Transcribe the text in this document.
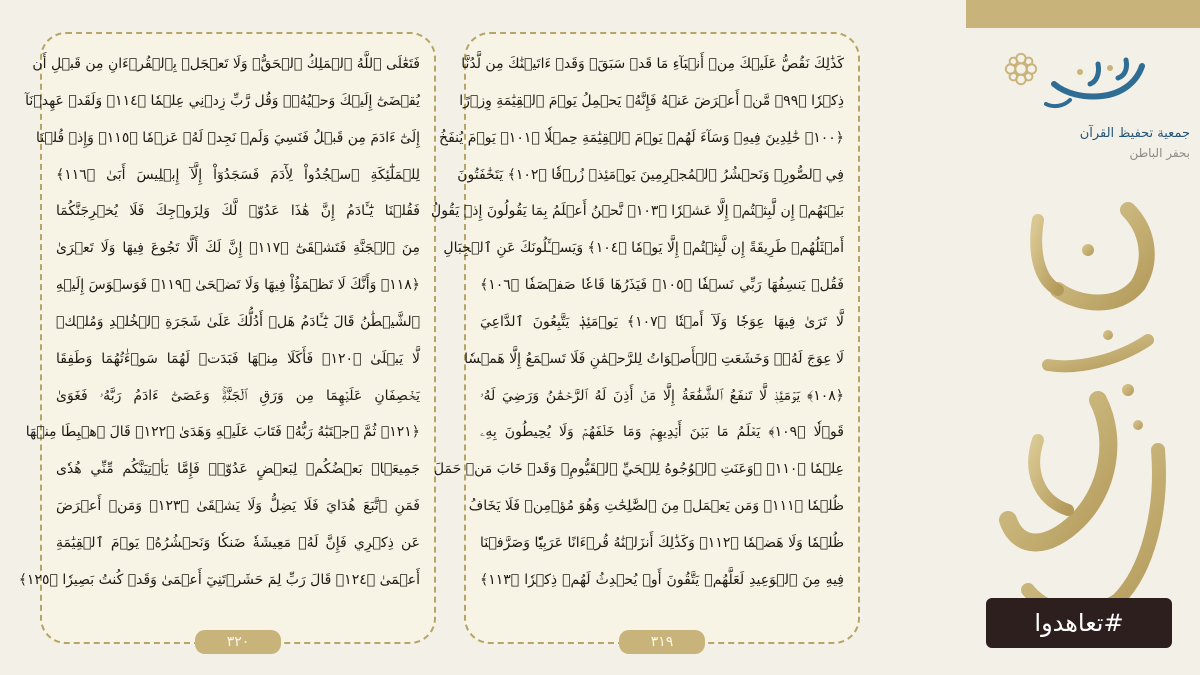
فَتَعَٰلَى ٱللَّهُ ٱلۡمَلِكُ ٱلۡحَقُّۗ وَلَا تَعۡجَلۡ بِٱلۡقُرۡءَانِ مِن قَبۡلِ أَن
يُقۡضَىٰٓ إِلَيۡكَ وَحۡيُهُۥۖ وَقُل رَّبِّ زِدۡنِي عِلۡمٗا ﴿١١٤﴾ وَلَقَدۡ عَهِدۡنَآ
إِلَىٰٓ ءَادَمَ مِن قَبۡلُ فَنَسِيَ وَلَمۡ نَجِدۡ لَهُۥ عَزۡمٗا ﴿١١٥﴾ وَإِذۡ قُلۡنَا
لِلۡمَلَٰٓئِكَةِ ٱسۡجُدُواْ لِأٓدَمَ فَسَجَدُوٓاْ إِلَّآ إِبۡلِيسَ أَبَىٰ ﴿١١٦﴾
فَقُلۡنَا يَٰٓـَٔادَمُ إِنَّ هَٰذَا عَدُوّٞ لَّكَ وَلِزَوۡجِكَ فَلَا يُخۡرِجَنَّكُمَا
مِنَ ٱلۡجَنَّةِ فَتَشۡقَىٰٓ ﴿١١٧﴾ إِنَّ لَكَ أَلَّا تَجُوعَ فِيهَا وَلَا تَعۡرَىٰ
﴿١١٨﴾ وَأَنَّكَ لَا تَظۡمَؤُاْ فِيهَا وَلَا تَضۡحَىٰ ﴿١١٩﴾ فَوَسۡوَسَ إِلَيۡهِ
ٱلشَّيۡطَٰنُ قَالَ يَٰٓـَٔادَمُ هَلۡ أَدُلُّكَ عَلَىٰ شَجَرَةِ ٱلۡخُلۡدِ وَمُلۡكٖ
لَّا يَبۡلَىٰ ﴿١٢٠﴾ فَأَكَلَا مِنۡهَا فَبَدَتۡ لَهُمَا سَوۡءَٰتُهُمَا وَطَفِقَا
يَخۡصِفَانِ عَلَيۡهِمَا مِن وَرَقِ ٱلۡجَنَّةِۚ وَعَصَىٰٓ ءَادَمُ رَبَّهُۥ فَغَوَىٰ
﴿١٢١﴾ ثُمَّ ٱجۡتَبَٰهُ رَبُّهُۥ فَتَابَ عَلَيۡهِ وَهَدَىٰ ﴿١٢٢﴾ قَالَ ٱهۡبِطَا مِنۡهَا
جَمِيعَۢاۖ بَعۡضُكُمۡ لِبَعۡضٍ عَدُوّٞۖ فَإِمَّا يَأۡتِيَنَّكُم مِّنِّي هُدٗى
فَمَنِ ٱتَّبَعَ هُدَايَ فَلَا يَضِلُّ وَلَا يَشۡقَىٰ ﴿١٢٣﴾ وَمَنۡ أَعۡرَضَ
عَن ذِكۡرِي فَإِنَّ لَهُۥ مَعِيشَةٗ ضَنكٗا وَنَحۡشُرُهُۥ يَوۡمَ ٱلۡقِيَٰمَةِ
أَعۡمَىٰ ﴿١٢٤﴾ قَالَ رَبِّ لِمَ حَشَرۡتَنِيٓ أَعۡمَىٰ وَقَدۡ كُنتُ بَصِيرٗا ﴿١٢٥﴾
٣٢٠
كَذَٰلِكَ نَقُصُّ عَلَيۡكَ مِنۡ أَنۢبَآءِ مَا قَدۡ سَبَقَۚ وَقَدۡ ءَاتَيۡنَٰكَ مِن لَّدُنَّا
ذِكۡرٗا ﴿٩٩﴾ مَّنۡ أَعۡرَضَ عَنۡهُ فَإِنَّهُۥ يَحۡمِلُ يَوۡمَ ٱلۡقِيَٰمَةِ وِزۡرًا
﴿١٠٠﴾ خَٰلِدِينَ فِيهِۖ وَسَآءَ لَهُمۡ يَوۡمَ ٱلۡقِيَٰمَةِ حِمۡلٗا ﴿١٠١﴾ يَوۡمَ يُنفَخُ
فِي ٱلصُّورِۚ وَنَحۡشُرُ ٱلۡمُجۡرِمِينَ يَوۡمَئِذٖ زُرۡقٗا ﴿١٠٢﴾ يَتَخَٰفَتُونَ
بَيۡنَهُمۡ إِن لَّبِثۡتُمۡ إِلَّا عَشۡرٗا ﴿١٠٣﴾ نَّحۡنُ أَعۡلَمُ بِمَا يَقُولُونَ إِذۡ يَقُولُ
أَمۡثَلُهُمۡ طَرِيقَةً إِن لَّبِثۡتُمۡ إِلَّا يَوۡمٗا ﴿١٠٤﴾ وَيَسۡـَٔلُونَكَ عَنِ ٱلۡجِبَالِ
فَقُلۡ يَنسِفُهَا رَبِّي نَسۡفٗا ﴿١٠٥﴾ فَيَذَرُهَا قَاعٗا صَفۡصَفٗا ﴿١٠٦﴾
لَّا تَرَىٰ فِيهَا عِوَجٗا وَلَآ أَمۡتٗا ﴿١٠٧﴾ يَوۡمَئِذٖ يَتَّبِعُونَ ٱلدَّاعِيَ
لَا عِوَجَ لَهُۥۖ وَخَشَعَتِ ٱلۡأَصۡوَاتُ لِلرَّحۡمَٰنِ فَلَا تَسۡمَعُ إِلَّا هَمۡسٗا
﴿١٠٨﴾ يَوۡمَئِذٖ لَّا تَنفَعُ ٱلشَّفَٰعَةُ إِلَّا مَنۡ أَذِنَ لَهُ ٱلرَّحۡمَٰنُ وَرَضِيَ لَهُۥ
قَوۡلٗا ﴿١٠٩﴾ يَعۡلَمُ مَا بَيۡنَ أَيۡدِيهِمۡ وَمَا خَلۡفَهُمۡ وَلَا يُحِيطُونَ بِهِۦ
عِلۡمٗا ﴿١١٠﴾ ۞وَعَنَتِ ٱلۡوُجُوهُ لِلۡحَيِّ ٱلۡقَيُّومِۖ وَقَدۡ خَابَ مَنۡ حَمَلَ
ظُلۡمٗا ﴿١١١﴾ وَمَن يَعۡمَلۡ مِنَ ٱلصَّٰلِحَٰتِ وَهُوَ مُؤۡمِنٞ فَلَا يَخَافُ
ظُلۡمٗا وَلَا هَضۡمٗا ﴿١١٢﴾ وَكَذَٰلِكَ أَنزَلۡنَٰهُ قُرۡءَانًا عَرَبِيّٗا وَصَرَّفۡنَا
فِيهِ مِنَ ٱلۡوَعِيدِ لَعَلَّهُمۡ يَتَّقُونَ أَوۡ يُحۡدِثُ لَهُمۡ ذِكۡرٗا ﴿١١٣﴾
٣١٩
جمعية تحفيظ القرآن
بحفر الباطن
#تعاهدوا
